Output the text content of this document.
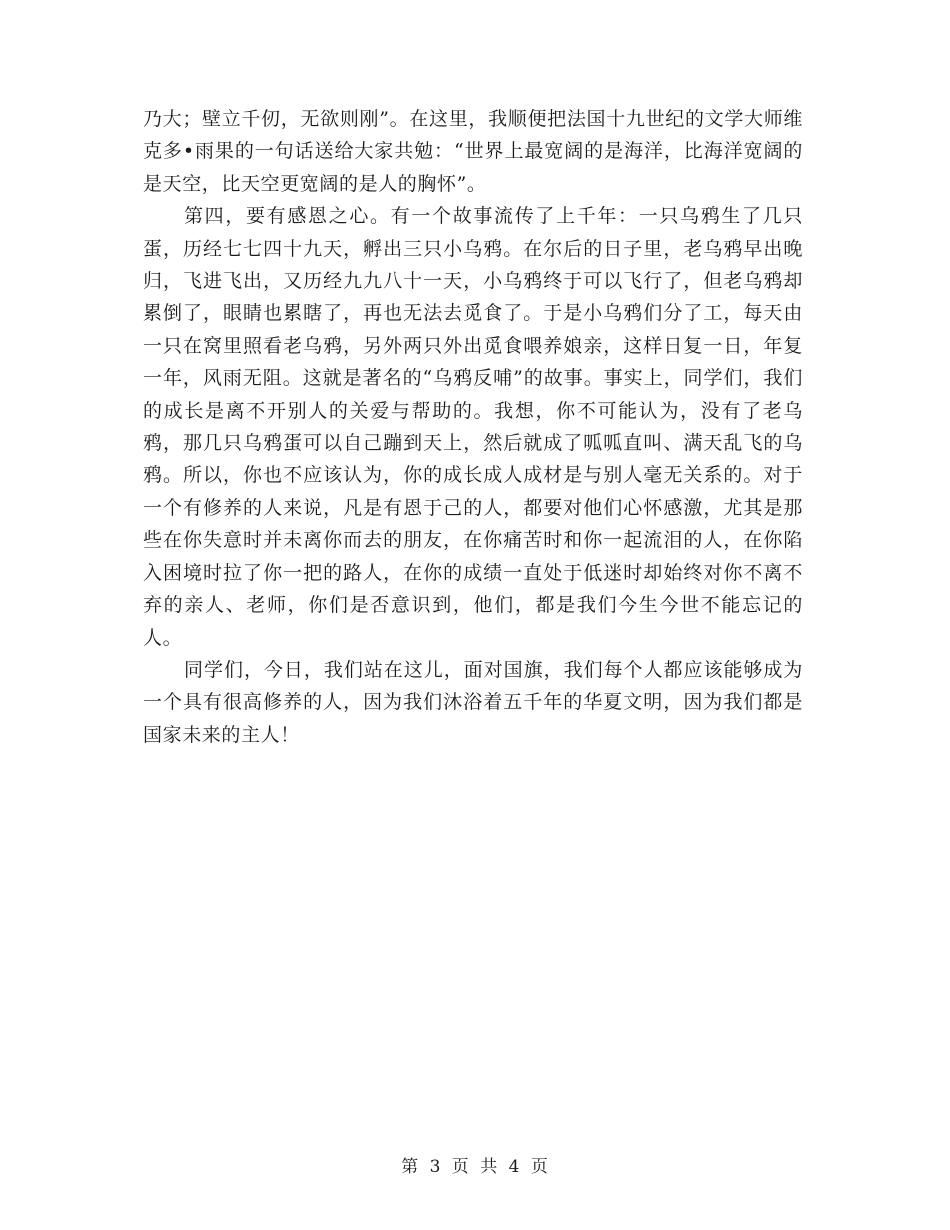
乃大；壁立千仞，无欲则刚”。在这里，我顺便把法国十九世纪的文学大师维克多•雨果的一句话送给大家共勉：“世界上最宽阔的是海洋，比海洋宽阔的是天空，比天空更宽阔的是人的胸怀”。

第四，要有感恩之心。有一个故事流传了上千年：一只乌鸦生了几只蛋，历经七七四十九天，孵出三只小乌鸦。在尔后的日子里，老乌鸦早出晚归，飞进飞出，又历经九九八十一天，小乌鸦终于可以飞行了，但老乌鸦却累倒了，眼睛也累瞎了，再也无法去觅食了。于是小乌鸦们分了工，每天由一只在窝里照看老乌鸦，另外两只外出觅食喂养娘亲，这样日复一日，年复一年，风雨无阻。这就是著名的“乌鸦反哺”的故事。事实上，同学们，我们的成长是离不开别人的关爱与帮助的。我想，你不可能认为，没有了老乌鸦，那几只乌鸦蛋可以自己蹦到天上，然后就成了呱呱直叫、满天乱飞的乌鸦。所以，你也不应该认为，你的成长成人成材是与别人毫无关系的。对于一个有修养的人来说，凡是有恩于己的人，都要对他们心怀感激，尤其是那些在你失意时并未离你而去的朋友，在你痛苦时和你一起流泪的人，在你陷入困境时拉了你一把的路人，在你的成绩一直处于低迷时却始终对你不离不弃的亲人、老师，你们是否意识到，他们，都是我们今生今世不能忘记的人。

同学们，今日，我们站在这儿，面对国旗，我们每个人都应该能够成为一个具有很高修养的人，因为我们沐浴着五千年的华夏文明，因为我们都是国家未来的主人！

第 3 页 共 4 页
